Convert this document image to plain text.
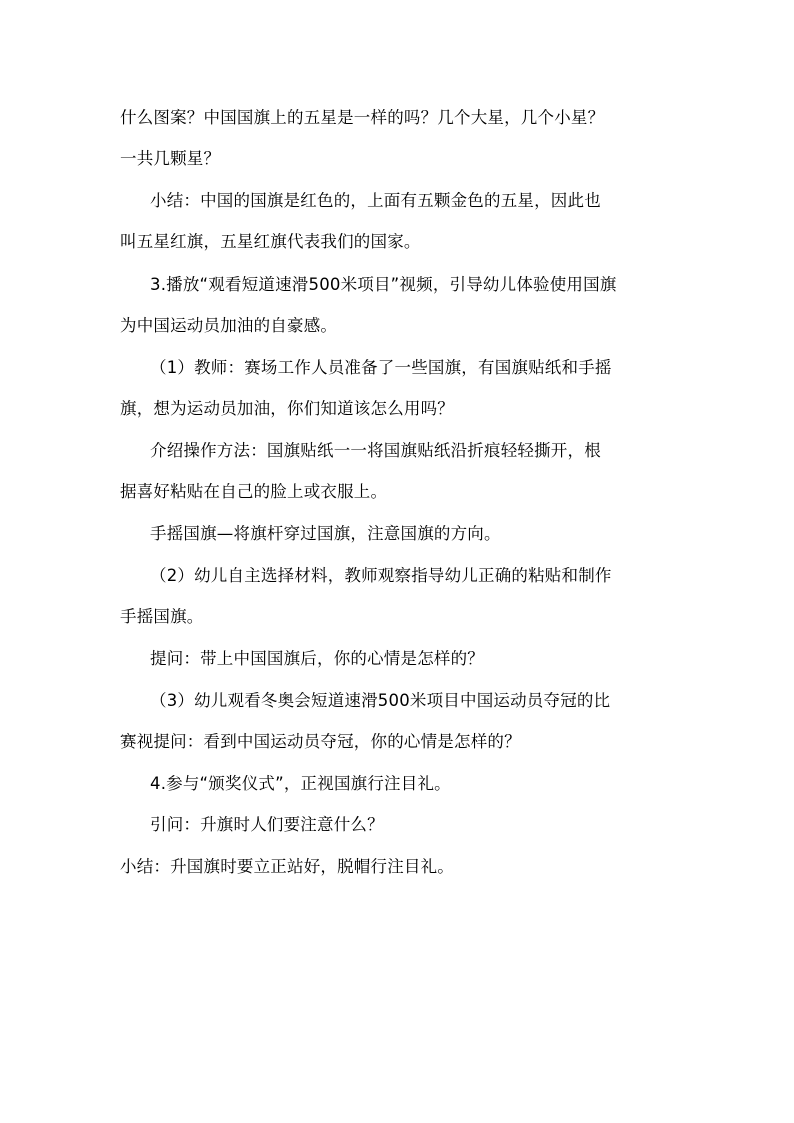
什么图案？中国国旗上的五星是一样的吗？几个大星，几个小星？
一共几颗星？
小结：中国的国旗是红色的，上面有五颗金色的五星，因此也
叫五星红旗，五星红旗代表我们的国家。
3.播放“观看短道速滑500米项目”视频，引导幼儿体验使用国旗
为中国运动员加油的自豪感。
（1）教师：赛场工作人员准备了一些国旗，有国旗贴纸和手摇
旗，想为运动员加油，你们知道该怎么用吗？
介绍操作方法：国旗贴纸一一将国旗贴纸沿折痕轻轻撕开，根
据喜好粘贴在自己的脸上或衣服上。
手摇国旗—将旗杆穿过国旗，注意国旗的方向。
（2）幼儿自主选择材料，教师观察指导幼儿正确的粘贴和制作
手摇国旗。
提问：带上中国国旗后，你的心情是怎样的？
（3）幼儿观看冬奥会短道速滑500米项目中国运动员夺冠的比
赛视提问：看到中国运动员夺冠，你的心情是怎样的？
4.参与“颁奖仪式”，正视国旗行注目礼。
引问：升旗时人们要注意什么？
小结：升国旗时要立正站好，脱帽行注目礼。
